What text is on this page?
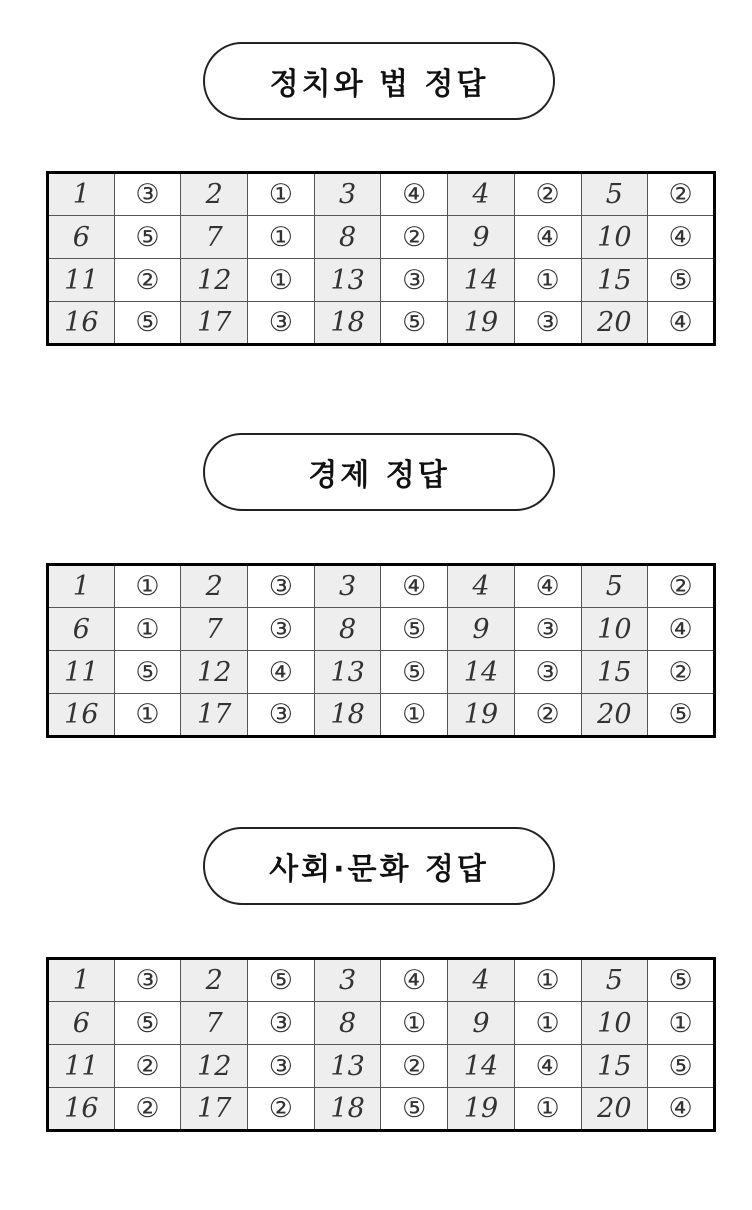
정치와 법 정답
1	③	2	①	3	④	4	②	5	②
6	⑤	7	①	8	②	9	④	10	④
11	②	12	①	13	③	14	①	15	⑤
16	⑤	17	③	18	⑤	19	③	20	④
경제 정답
1	①	2	③	3	④	4	④	5	②
6	①	7	③	8	⑤	9	③	10	④
11	⑤	12	④	13	⑤	14	③	15	②
16	①	17	③	18	①	19	②	20	⑤
사회·문화 정답
1	③	2	⑤	3	④	4	①	5	⑤
6	⑤	7	③	8	①	9	①	10	①
11	②	12	③	13	②	14	④	15	⑤
16	②	17	②	18	⑤	19	①	20	④
